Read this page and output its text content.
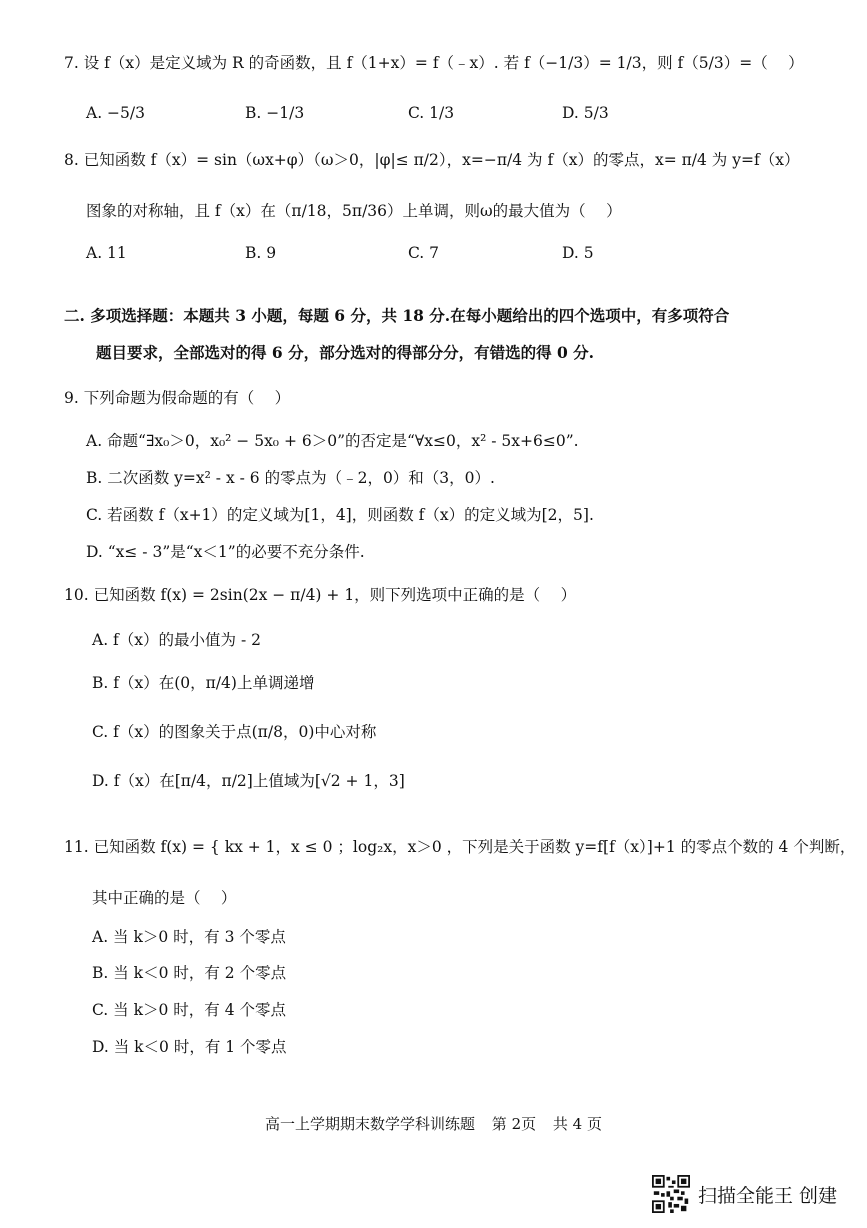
7. 设 f（x）是定义域为 R 的奇函数，且 f（1+x）= f（﹣x）. 若 f（−1/3）= 1/3，则 f（5/3）=（　 ）
A. −5/3	B. −1/3	C. 1/3	D. 5/3
8. 已知函数 f（x）= sin（ωx+φ）（ω＞0，|φ|≤ π/2），x=−π/4 为 f（x）的零点，x= π/4 为 y=f（x）
图象的对称轴，且 f（x）在（π/18，5π/36）上单调，则ω的最大值为（　 ）
A. 11	B. 9	C. 7	D. 5
二. 多项选择题：本题共 3 小题，每题 6 分，共 18 分.在每小题给出的四个选项中，有多项符合
题目要求，全部选对的得 6 分，部分选对的得部分分，有错选的得 0 分.
9. 下列命题为假命题的有（　 ）
A. 命题“∃x₀＞0，x₀² − 5x₀ + 6＞0”的否定是“∀x≤0，x² - 5x+6≤0”.
B. 二次函数 y=x² - x - 6 的零点为（﹣2，0）和（3，0）.
C. 若函数 f（x+1）的定义域为[1，4]，则函数 f（x）的定义域为[2，5].
D. “x≤ - 3”是“x＜1”的必要不充分条件.
10. 已知函数 f(x) = 2sin(2x − π/4) + 1，则下列选项中正确的是（　 ）
A. f（x）的最小值为 - 2
B. f（x）在(0，π/4)上单调递增
C. f（x）的图象关于点(π/8，0)中心对称
D. f（x）在[π/4，π/2]上值域为[√2 + 1，3]
11. 已知函数 f(x) = { kx + 1，x ≤ 0 ；log₂x，x＞0 ，下列是关于函数 y=f[f（x）]+1 的零点个数的 4 个判断，
其中正确的是（　 ）
A. 当 k＞0 时，有 3 个零点
B. 当 k＜0 时，有 2 个零点
C. 当 k＞0 时，有 4 个零点
D. 当 k＜0 时，有 1 个零点
高一上学期期末数学学科训练题 第 2页 共 4 页
扫描全能王 创建
